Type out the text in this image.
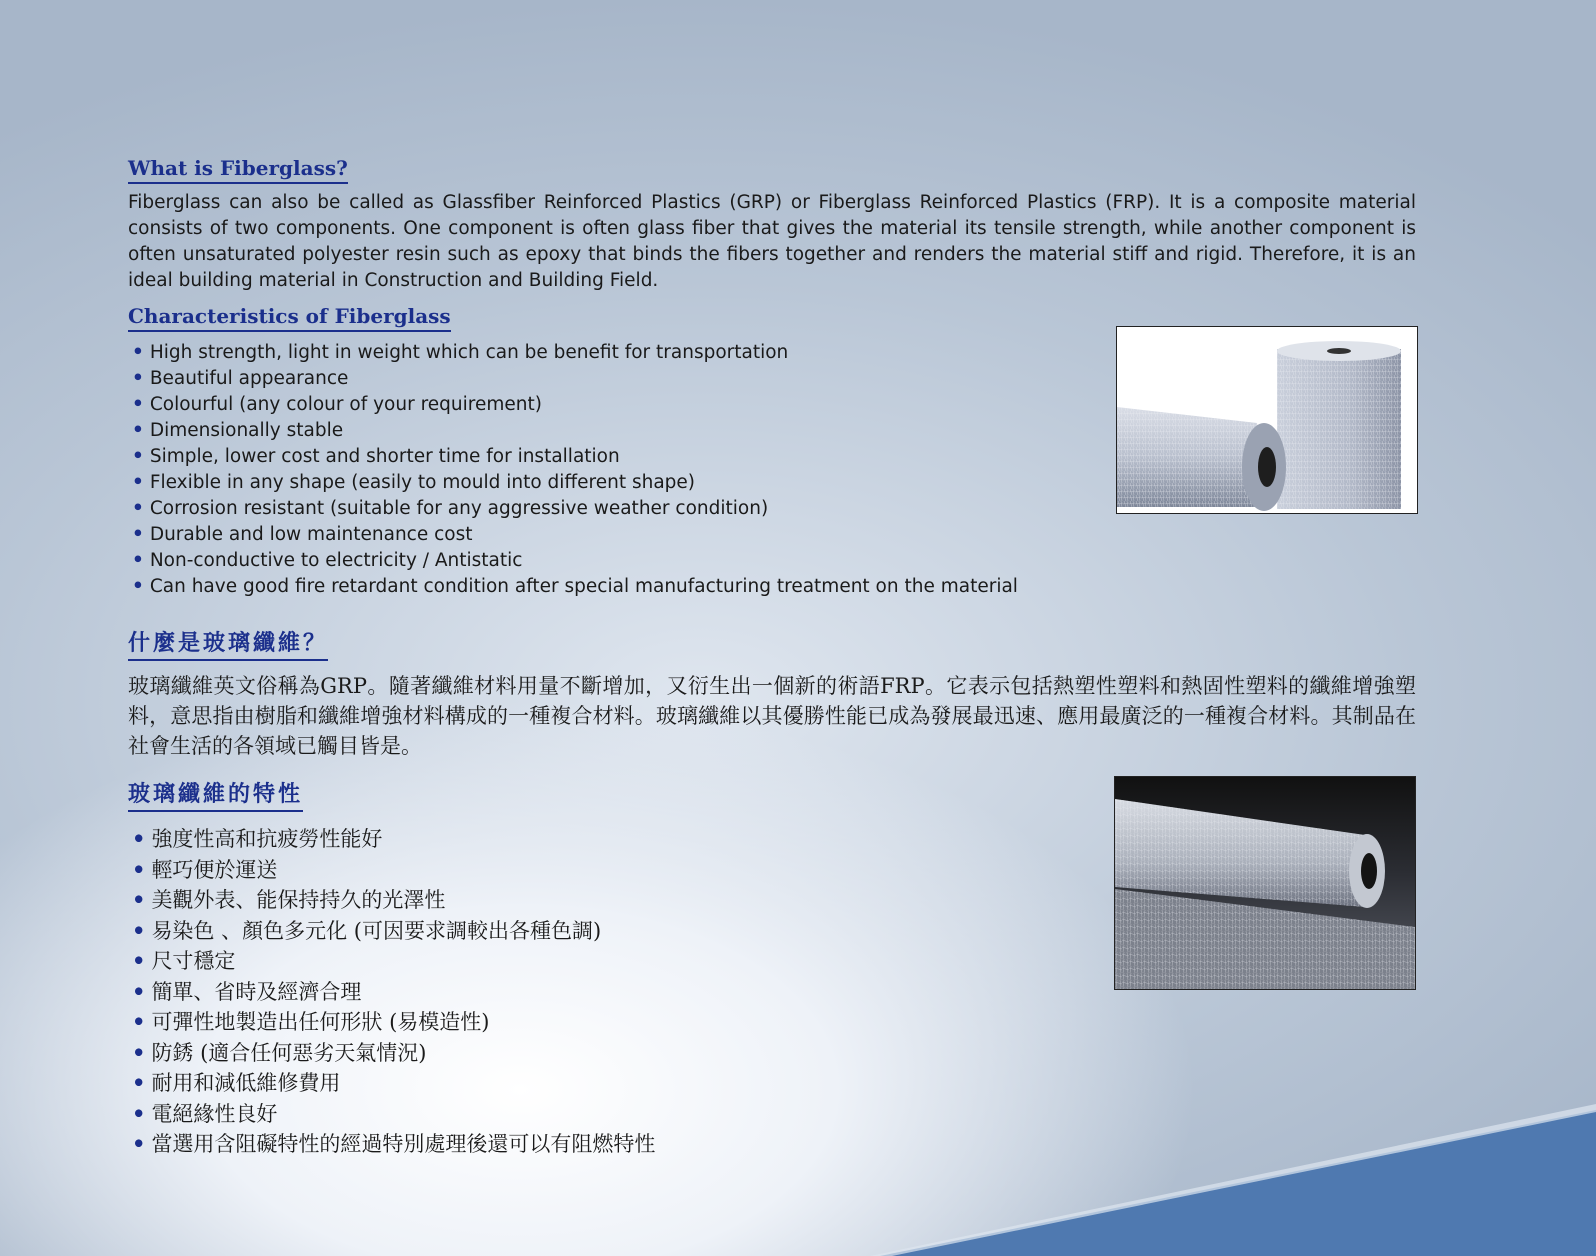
What is Fiberglass?

Fiberglass can also be called as Glassfiber Reinforced Plastics (GRP) or Fiberglass Reinforced Plastics (FRP). It is a composite material consists of two components. One component is often glass fiber that gives the material its tensile strength, while another component is often unsaturated polyester resin such as epoxy that binds the fibers together and renders the material stiff and rigid. Therefore, it is an ideal building material in Construction and Building Field.

Characteristics of Fiberglass
• High strength, light in weight which can be benefit for transportation
• Beautiful appearance
• Colourful (any colour of your requirement)
• Dimensionally stable
• Simple, lower cost and shorter time for installation
• Flexible in any shape (easily to mould into different shape)
• Corrosion resistant (suitable for any aggressive weather condition)
• Durable and low maintenance cost
• Non-conductive to electricity / Antistatic
• Can have good fire retardant condition after special manufacturing treatment on the material
什麼是玻璃纖維？

玻璃纖維英文俗稱為GRP。隨著纖維材料用量不斷增加，又衍生出一個新的術語FRP。它表示包括熱塑性塑料和熱固性塑料的纖維增強塑料，意思指由樹脂和纖維增強材料構成的一種複合材料。玻璃纖維以其優勝性能已成為發展最迅速、應用最廣泛的一種複合材料。其制品在社會生活的各領域已觸目皆是。

玻璃纖維的特性
• 強度性高和抗疲勞性能好
• 輕巧便於運送
• 美觀外表、能保持持久的光澤性
• 易染色 、顏色多元化 (可因要求調較出各種色調)
• 尺寸穩定
• 簡單、省時及經濟合理
• 可彈性地製造出任何形狀 (易模造性)
• 防銹 (適合任何惡劣天氣情況)
• 耐用和減低維修費用
• 電絕緣性良好
• 當選用含阻礙特性的經過特別處理後還可以有阻燃特性
